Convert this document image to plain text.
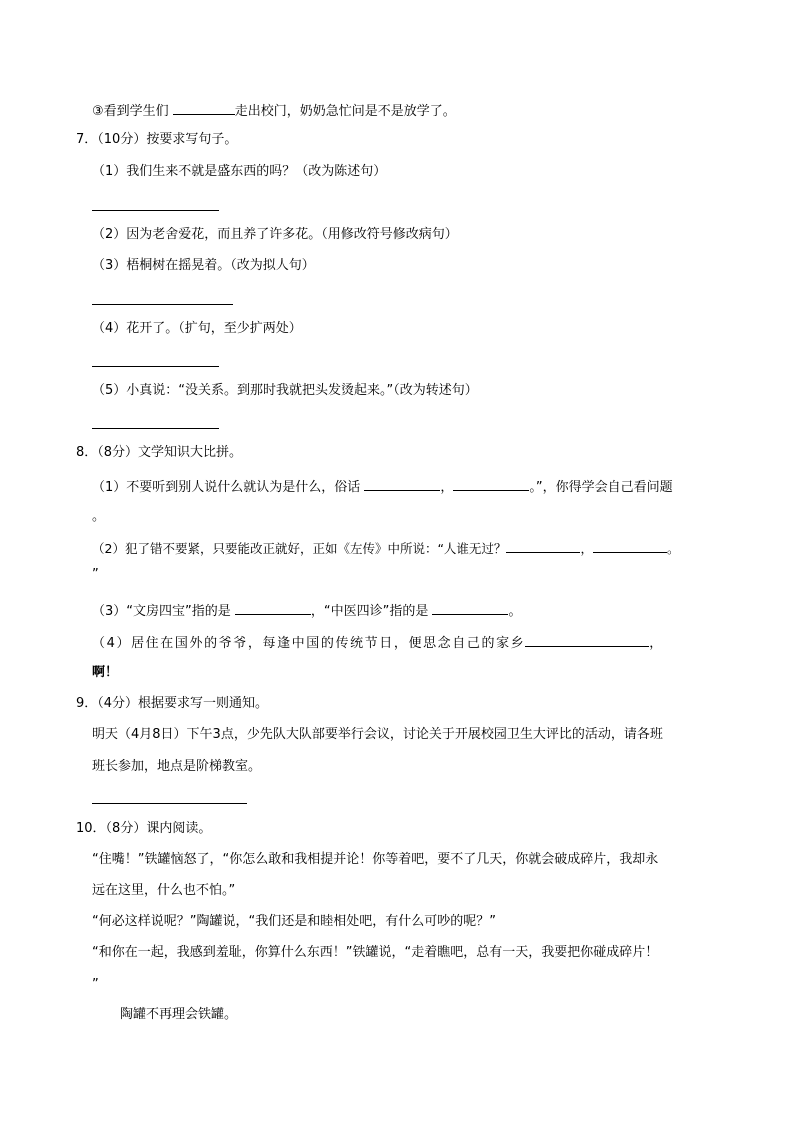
③看到学生们	走出校门，奶奶急忙问是不是放学了。
7．（10分）按要求写句子。
（1）我们生来不就是盛东西的吗？（改为陈述句）
（2）因为老舍爱花，而且养了许多花。（用修改符号修改病句）
（3）梧桐树在摇晃着。（改为拟人句）
（4）花开了。（扩句，至少扩两处）
（5）小真说：“没关系。到那时我就把头发烫起来。”（改为转述句）
8．（8分）文学知识大比拼。
（1）不要听到别人说什么就认为是什么，俗话	，	。”，你得学会自己看问题
。
（2）犯了错不要紧，只要能改正就好，正如《左传》中所说：“人谁无过？	，	。
”
（3）“文房四宝”指的是	，“中医四诊”指的是	。
（4）居住在国外的爷爷，每逢中国的传统节日，便思念自己的家乡	，
啊！
9．（4分）根据要求写一则通知。
明天（4月8日）下午3点，少先队大队部要举行会议，讨论关于开展校园卫生大评比的活动，请各班
班长参加，地点是阶梯教室。
10．（8分）课内阅读。
“住嘴！”铁罐恼怒了，“你怎么敢和我相提并论！你等着吧，要不了几天，你就会破成碎片，我却永
远在这里，什么也不怕。”
“何必这样说呢？”陶罐说，“我们还是和睦相处吧，有什么可吵的呢？”
“和你在一起，我感到羞耻，你算什么东西！”铁罐说，“走着瞧吧，总有一天，我要把你碰成碎片！
”
陶罐不再理会铁罐。
